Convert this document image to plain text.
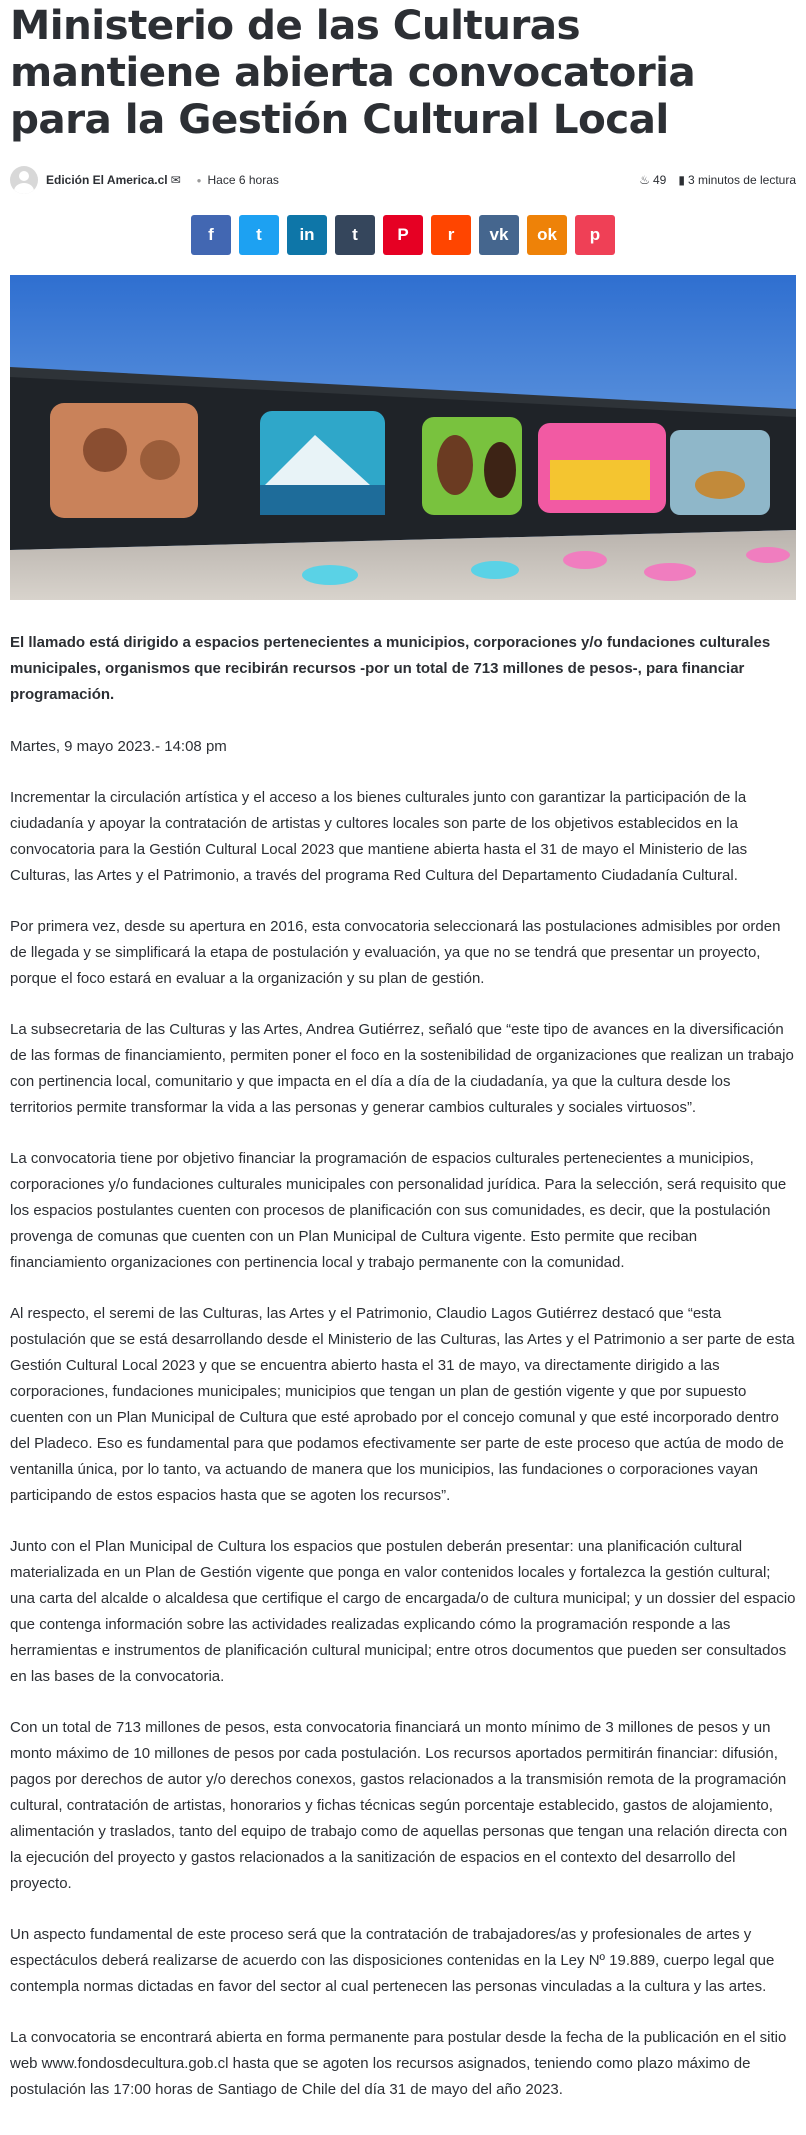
Ministerio de las Culturas mantiene abierta convocatoria para la Gestión Cultural Local
Edición El America.cl ✉ ● Hace 6 horas	♨ 49 ▮ 3 minutos de lectura
f t in t P r vk ok p
El llamado está dirigido a espacios pertenecientes a municipios, corporaciones y/o fundaciones culturales municipales, organismos que recibirán recursos -por un total de 713 millones de pesos-, para financiar programación.

Martes, 9 mayo 2023.- 14:08 pm

Incrementar la circulación artística y el acceso a los bienes culturales junto con garantizar la participación de la ciudadanía y apoyar la contratación de artistas y cultores locales son parte de los objetivos establecidos en la convocatoria para la Gestión Cultural Local 2023 que mantiene abierta hasta el 31 de mayo el Ministerio de las Culturas, las Artes y el Patrimonio, a través del programa Red Cultura del Departamento Ciudadanía Cultural.

Por primera vez, desde su apertura en 2016, esta convocatoria seleccionará las postulaciones admisibles por orden de llegada y se simplificará la etapa de postulación y evaluación, ya que no se tendrá que presentar un proyecto, porque el foco estará en evaluar a la organización y su plan de gestión.

La subsecretaria de las Culturas y las Artes, Andrea Gutiérrez, señaló que “este tipo de avances en la diversificación de las formas de financiamiento, permiten poner el foco en la sostenibilidad de organizaciones que realizan un trabajo con pertinencia local, comunitario y que impacta en el día a día de la ciudadanía, ya que la cultura desde los territorios permite transformar la vida a las personas y generar cambios culturales y sociales virtuosos”.

La convocatoria tiene por objetivo financiar la programación de espacios culturales pertenecientes a municipios, corporaciones y/o fundaciones culturales municipales con personalidad jurídica. Para la selección, será requisito que los espacios postulantes cuenten con procesos de planificación con sus comunidades, es decir, que la postulación provenga de comunas que cuenten con un Plan Municipal de Cultura vigente. Esto permite que reciban financiamiento organizaciones con pertinencia local y trabajo permanente con la comunidad.

Al respecto, el seremi de las Culturas, las Artes y el Patrimonio, Claudio Lagos Gutiérrez destacó que “esta postulación que se está desarrollando desde el Ministerio de las Culturas, las Artes y el Patrimonio a ser parte de esta Gestión Cultural Local 2023 y que se encuentra abierto hasta el 31 de mayo, va directamente dirigido a las corporaciones, fundaciones municipales; municipios que tengan un plan de gestión vigente y que por supuesto cuenten con un Plan Municipal de Cultura que esté aprobado por el concejo comunal y que esté incorporado dentro del Pladeco. Eso es fundamental para que podamos efectivamente ser parte de este proceso que actúa de modo de ventanilla única, por lo tanto, va actuando de manera que los municipios, las fundaciones o corporaciones vayan participando de estos espacios hasta que se agoten los recursos”.

Junto con el Plan Municipal de Cultura los espacios que postulen deberán presentar: una planificación cultural materializada en un Plan de Gestión vigente que ponga en valor contenidos locales y fortalezca la gestión cultural; una carta del alcalde o alcaldesa que certifique el cargo de encargada/o de cultura municipal; y un dossier del espacio que contenga información sobre las actividades realizadas explicando cómo la programación responde a las herramientas e instrumentos de planificación cultural municipal; entre otros documentos que pueden ser consultados en las bases de la convocatoria.

Con un total de 713 millones de pesos, esta convocatoria financiará un monto mínimo de 3 millones de pesos y un monto máximo de 10 millones de pesos por cada postulación. Los recursos aportados permitirán financiar: difusión, pagos por derechos de autor y/o derechos conexos, gastos relacionados a la transmisión remota de la programación cultural, contratación de artistas, honorarios y fichas técnicas según porcentaje establecido, gastos de alojamiento, alimentación y traslados, tanto del equipo de trabajo como de aquellas personas que tengan una relación directa con la ejecución del proyecto y gastos relacionados a la sanitización de espacios en el contexto del desarrollo del proyecto.

Un aspecto fundamental de este proceso será que la contratación de trabajadores/as y profesionales de artes y espectáculos deberá realizarse de acuerdo con las disposiciones contenidas en la Ley Nº 19.889, cuerpo legal que contempla normas dictadas en favor del sector al cual pertenecen las personas vinculadas a la cultura y las artes.

La convocatoria se encontrará abierta en forma permanente para postular desde la fecha de la publicación en el sitio web www.fondosdecultura.gob.cl hasta que se agoten los recursos asignados, teniendo como plazo máximo de postulación las 17:00 horas de Santiago de Chile del día 31 de mayo del año 2023.
